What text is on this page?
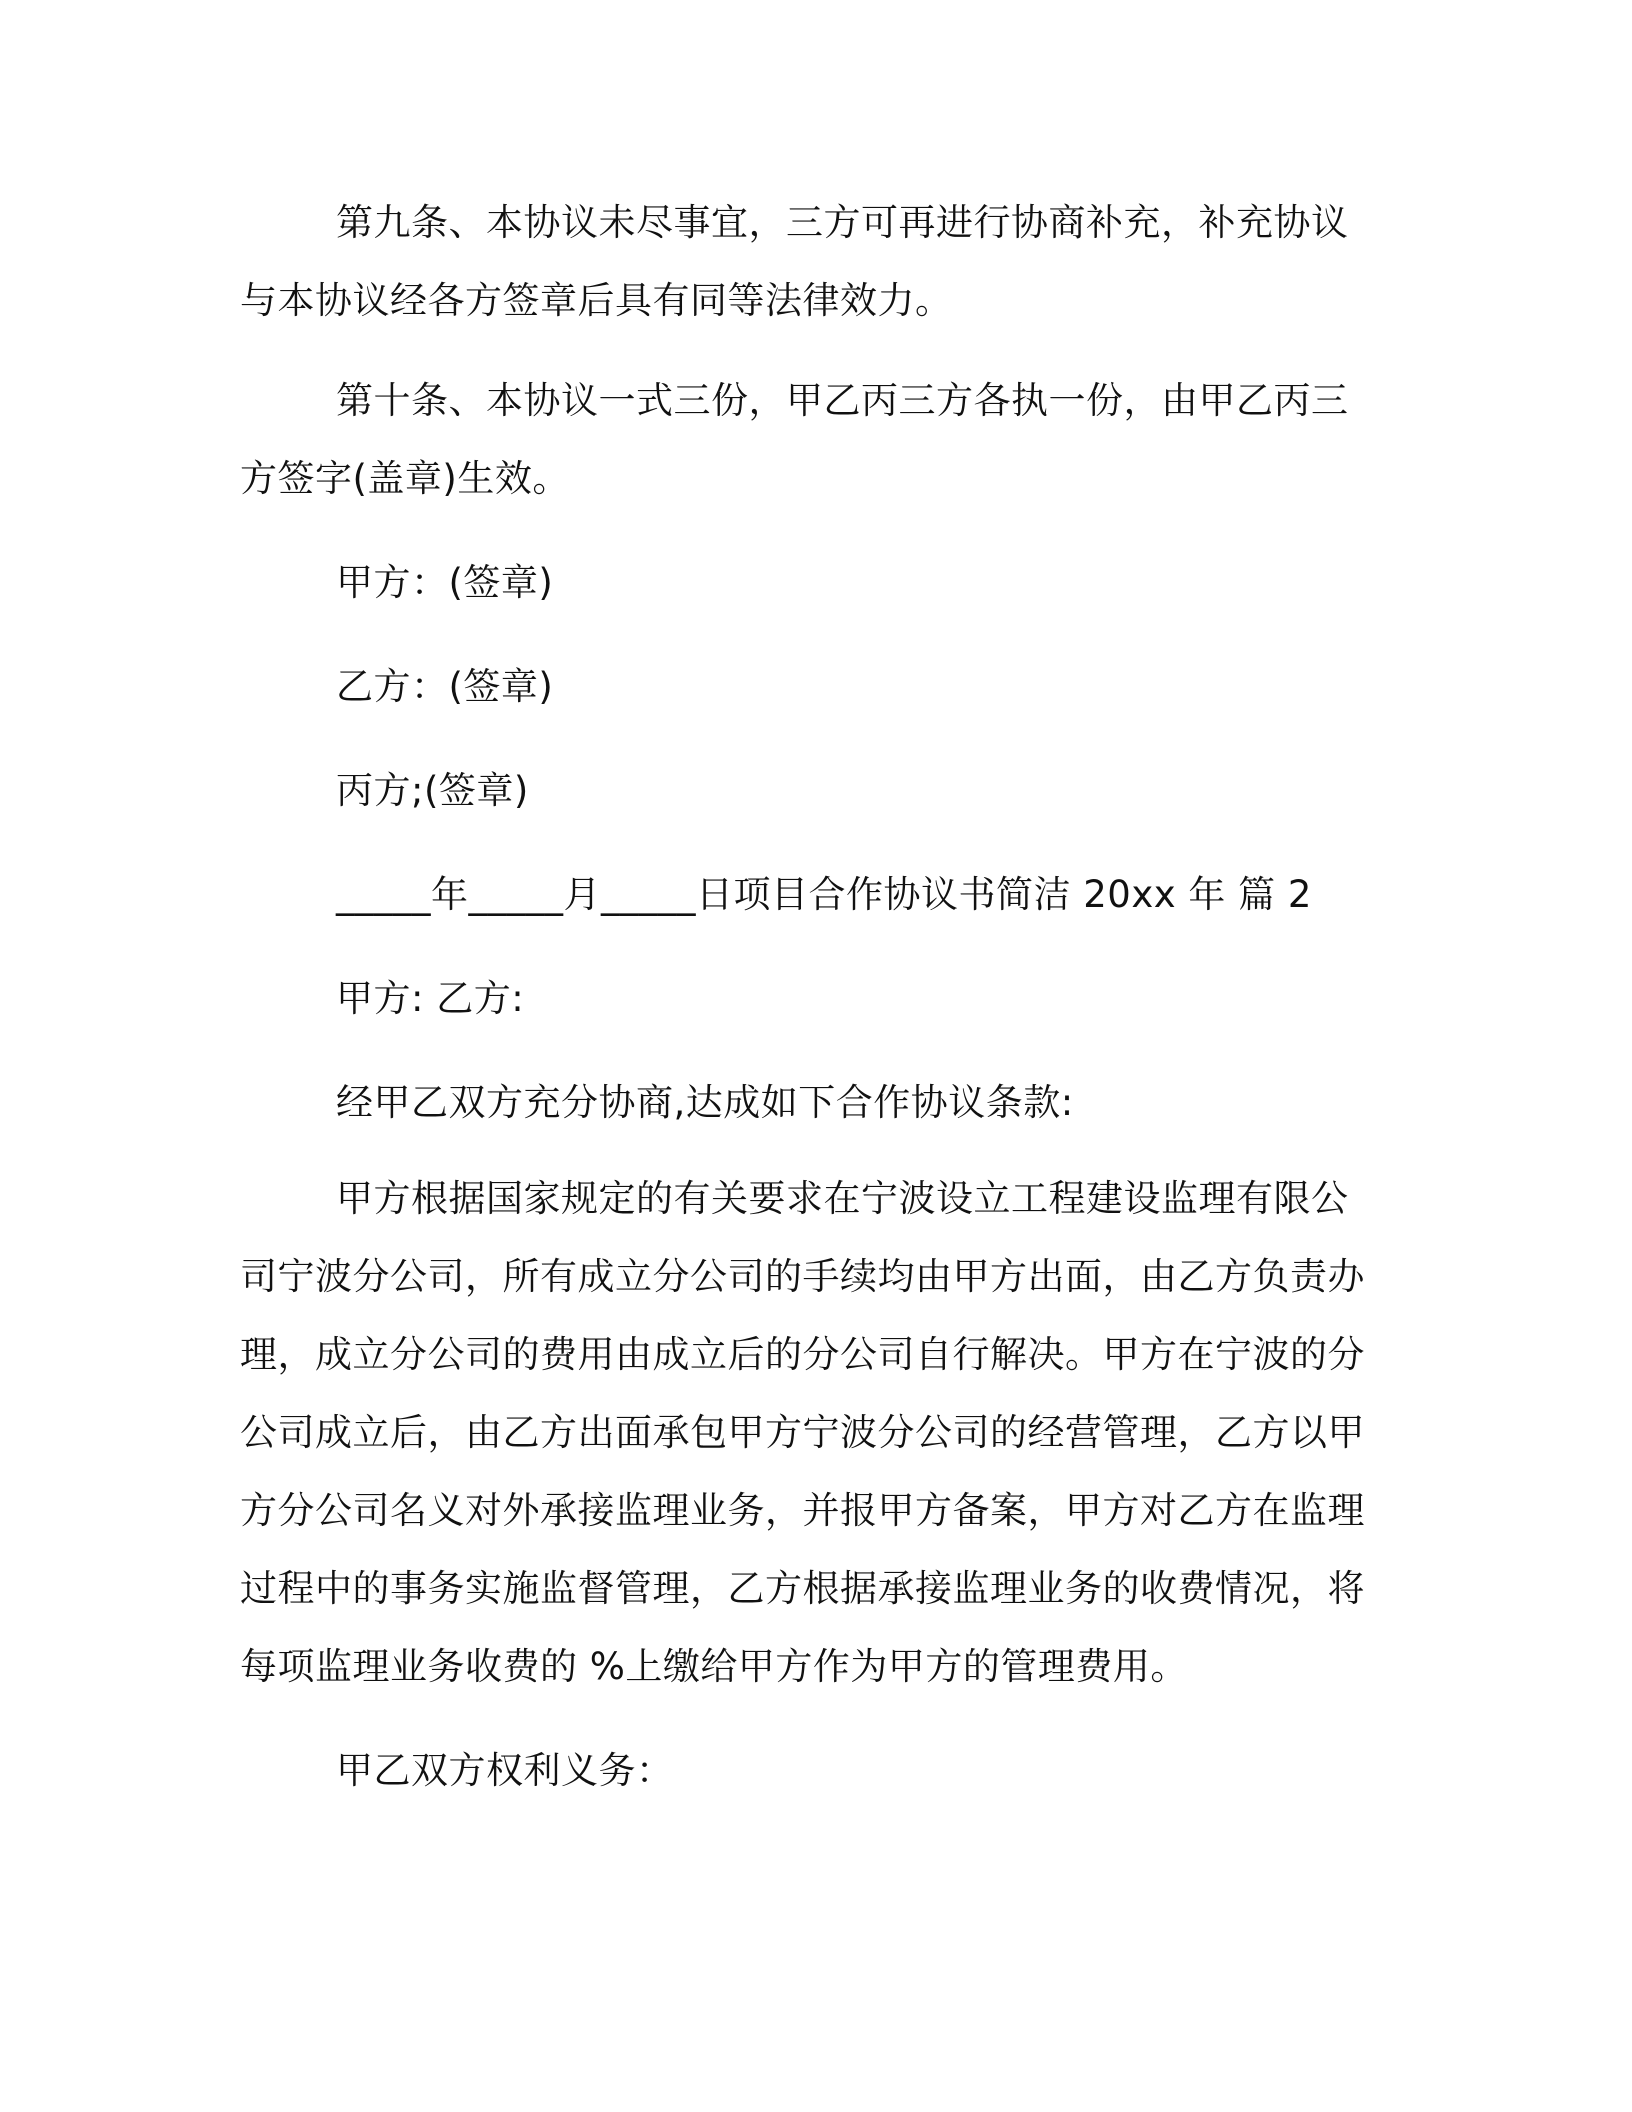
第九条、本协议未尽事宜，三方可再进行协商补充，补充协议与本协议经各方签章后具有同等法律效力。

第十条、本协议一式三份，甲乙丙三方各执一份，由甲乙丙三方签字(盖章)生效。

甲方：(签章)

乙方：(签章)

丙方;(签章)

_____年_____月_____日项目合作协议书简洁 20xx 年 篇 2

甲方: 乙方:

经甲乙双方充分协商,达成如下合作协议条款:

甲方根据国家规定的有关要求在宁波设立工程建设监理有限公司宁波分公司，所有成立分公司的手续均由甲方出面，由乙方负责办理，成立分公司的费用由成立后的分公司自行解决。甲方在宁波的分公司成立后，由乙方出面承包甲方宁波分公司的经营管理，乙方以甲方分公司名义对外承接监理业务，并报甲方备案，甲方对乙方在监理过程中的事务实施监督管理，乙方根据承接监理业务的收费情况，将每项监理业务收费的 %上缴给甲方作为甲方的管理费用。

甲乙双方权利义务：
